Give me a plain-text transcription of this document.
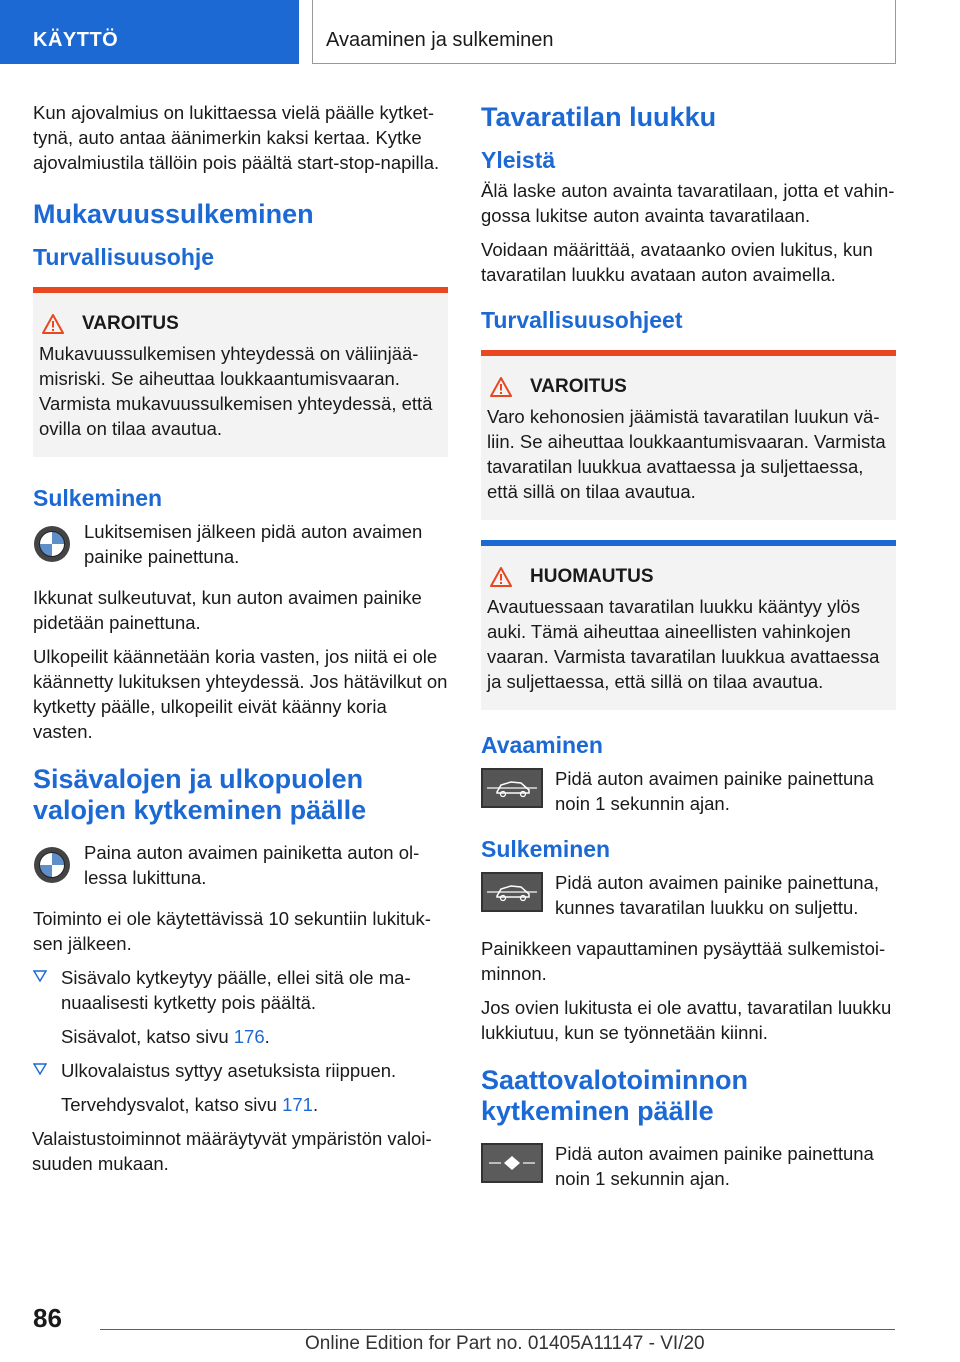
KÄYTTÖ	Avaaminen ja sulkeminen

Kun ajovalmius on lukittaessa vielä päälle kytkettynä, auto antaa äänimerkin kaksi kertaa. Kytke ajovalmiustila tällöin pois päältä start-stop-napilla.

Mukavuussulkeminen
Turvallisuusohje
VAROITUS

Mukavuussulkemisen yhteydessä on väliinjäämisriski. Se aiheuttaa loukkaantumisvaaran. Varmista mukavuussulkemisen yhteydessä, että ovilla on tilaa avautua.

Sulkeminen

Lukitsemisen jälkeen pidä auton avaimen painike painettuna.

Ikkunat sulkeutuvat, kun auton avaimen painike pidetään painettuna.

Ulkopeilit käännetään koria vasten, jos niitä ei ole käännetty lukituksen yhteydessä. Jos hätävilkut on kytketty päälle, ulkopeilit eivät käänny koria vasten.

Sisävalojen ja ulkopuolen valojen kytkeminen päälle

Paina auton avaimen painiketta auton ollessa lukittuna.

Toiminto ei ole käytettävissä 10 sekuntiin lukituksen jälkeen.

Sisävalo kytkeytyy päälle, ellei sitä ole manuaalisesti kytketty pois päältä.
Sisävalot, katso sivu 176.
Ulkovalaistus syttyy asetuksista riippuen.
Tervehdysvalot, katso sivu 171.

Valaistustoiminnot määräytyvät ympäristön valoisuuden mukaan.

Tavaratilan luukku
Yleistä

Älä laske auton avainta tavaratilaan, jotta et vahingossa lukitse auton avainta tavaratilaan.

Voidaan määrittää, avataanko ovien lukitus, kun tavaratilan luukku avataan auton avaimella.

Turvallisuusohjeet
VAROITUS

Varo kehonosien jäämistä tavaratilan luukun väliin. Se aiheuttaa loukkaantumisvaaran. Varmista tavaratilan luukkua avattaessa ja suljettaessa, että sillä on tilaa avautua.

HUOMAUTUS

Avautuessaan tavaratilan luukku kääntyy ylös auki. Tämä aiheuttaa aineellisten vahinkojen vaaran. Varmista tavaratilan luukkua avattaessa ja suljettaessa, että sillä on tilaa avautua.

Avaaminen

Pidä auton avaimen painike painettuna noin 1 sekunnin ajan.

Sulkeminen

Pidä auton avaimen painike painettuna, kunnes tavaratilan luukku on suljettu.

Painikkeen vapauttaminen pysäyttää sulkemistoiminnon.

Jos ovien lukitusta ei ole avattu, tavaratilan luukku lukkiutuu, kun se työnnetään kiinni.

Saattovalotoiminnon kytkeminen päälle

Pidä auton avaimen painike painettuna noin 1 sekunnin ajan.

86
Online Edition for Part no. 01405A11147 - VI/20
